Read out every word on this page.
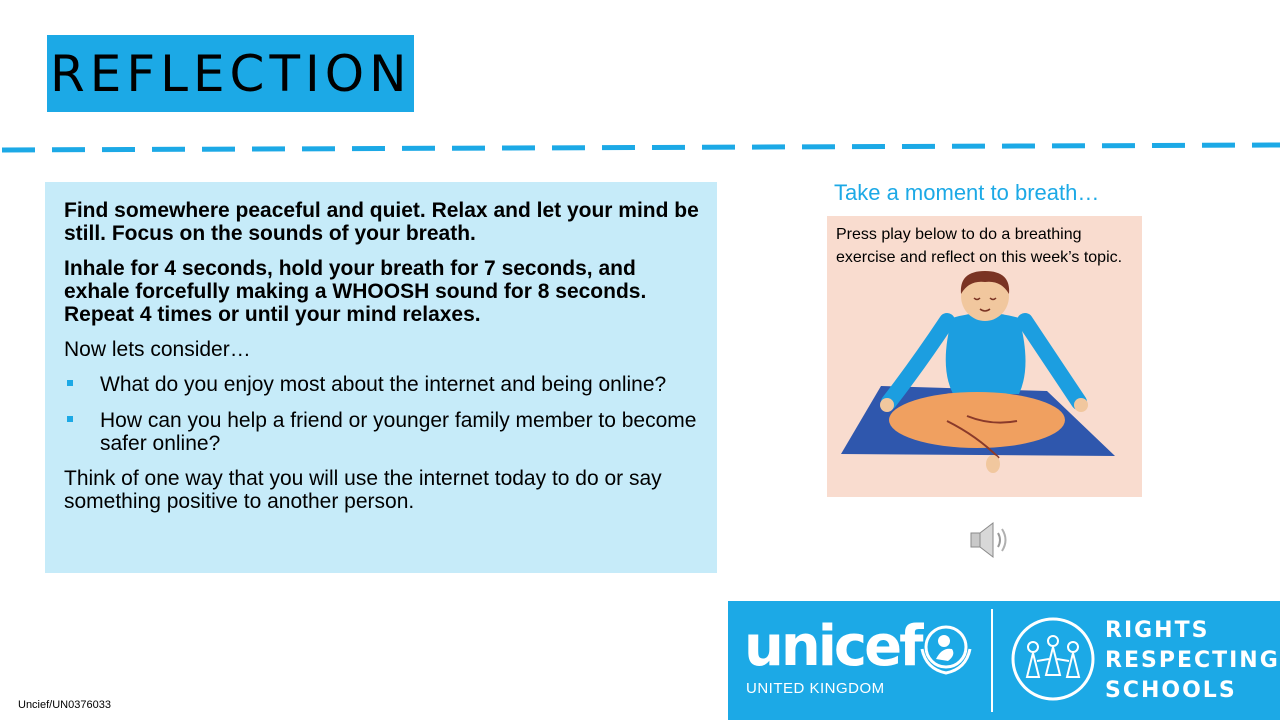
REFLECTION

Find somewhere peaceful and quiet. Relax and let your mind be still. Focus on the sounds of your breath.

Inhale for 4 seconds, hold your breath for 7 seconds, and exhale forcefully making a WHOOSH sound for 8 seconds. Repeat 4 times or until your mind relaxes.

Now lets consider…

What do you enjoy most about the internet and being online?
How can you help a friend or younger family member to become safer online?

Think of one way that you will use the internet today to do or say something positive to another person.

Take a moment to breath…
Press play below to do a breathing exercise and reflect on this week’s topic.
unicef
UNITED KINGDOM
RIGHTS
RESPECTING
SCHOOLS
Uncief/UN0376033
